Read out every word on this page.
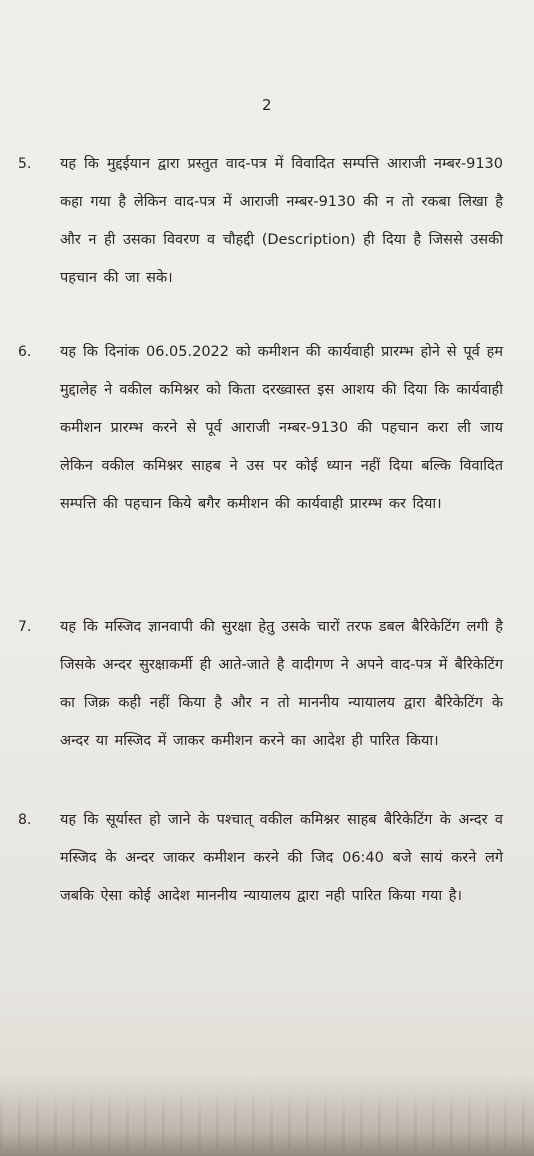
2
5.	यह कि मुद्दईयान द्वारा प्रस्तुत वाद-पत्र में विवादित सम्पत्ति आराजी नम्बर-9130 कहा गया है लेकिन वाद-पत्र में आराजी नम्बर-9130 की न तो रकबा लिखा है और न ही उसका विवरण व चौहद्दी (Description) ही दिया है जिससे उसकी पहचान की जा सके।
6.	यह कि दिनांक 06.05.2022 को कमीशन की कार्यवाही प्रारम्भ होने से पूर्व हम मुद्दालेह ने वकील कमिश्नर को किता दरख्वास्त इस आशय की दिया कि कार्यवाही कमीशन प्रारम्भ करने से पूर्व आराजी नम्बर-9130 की पहचान करा ली जाय लेकिन वकील कमिश्नर साहब ने उस पर कोई ध्यान नहीं दिया बल्कि विवादित सम्पत्ति की पहचान किये बगैर कमीशन की कार्यवाही प्रारम्भ कर दिया।
7.	यह कि मस्जिद ज्ञानवापी की सुरक्षा हेतु उसके चारों तरफ डबल बैरिकेटिंग लगी है जिसके अन्दर सुरक्षाकर्मी ही आते-जाते है वादीगण ने अपने वाद-पत्र में बैरिकेटिंग का जिक्र कही नहीं किया है और न तो माननीय न्यायालय द्वारा बैरिकेटिंग के अन्दर या मस्जिद में जाकर कमीशन करने का आदेश ही पारित किया।
8.	यह कि सूर्यास्त हो जाने के पश्चात् वकील कमिश्नर साहब बैरिकेटिंग के अन्दर व मस्जिद के अन्दर जाकर कमीशन करने की जिद 06:40 बजे सायं करने लगे जबकि ऐसा कोई आदेश माननीय न्यायालय द्वारा नही पारित किया गया है।
